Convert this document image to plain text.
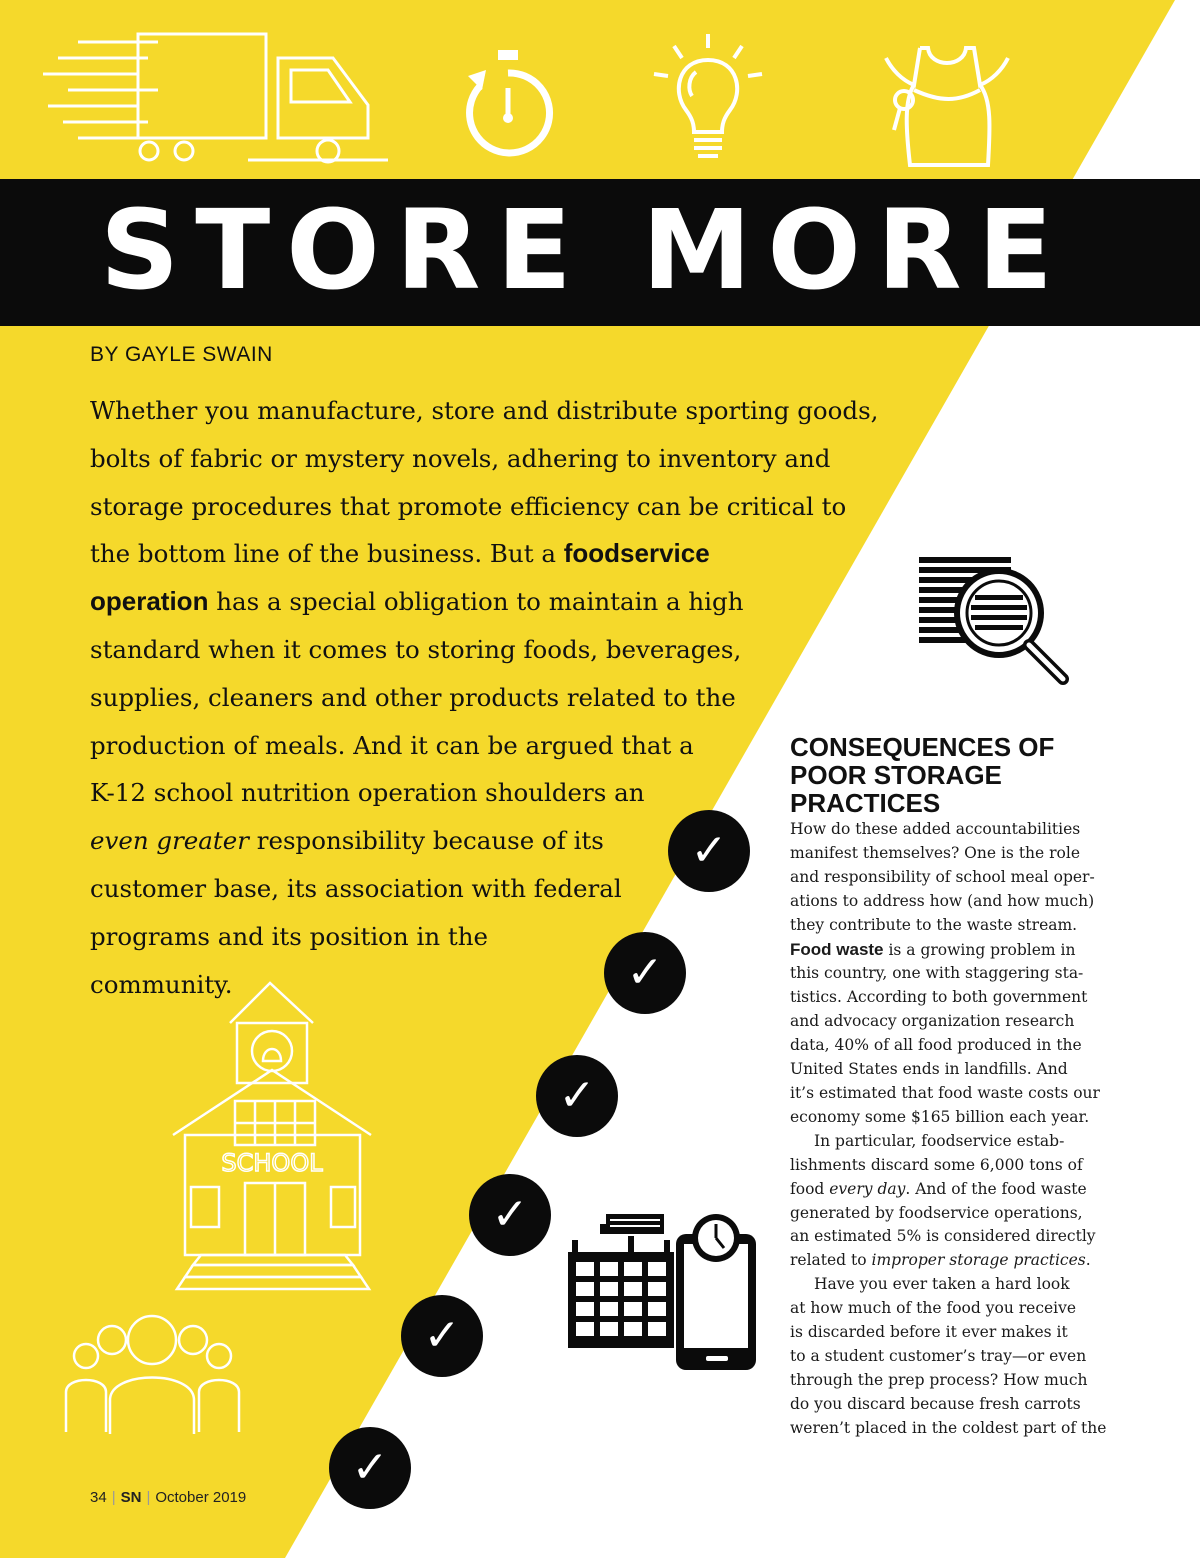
STORE MORE
BY GAYLE SWAIN
Whether you manufacture, store and distribute sporting goods,
bolts of fabric or mystery novels, adhering to inventory and
storage procedures that promote efficiency can be critical to
the bottom line of the business. But a foodservice
operation has a special obligation to maintain a high
standard when it comes to storing foods, beverages,
supplies, cleaners and other products related to the
production of meals. And it can be argued that a
K-12 school nutrition operation shoulders an
even greater responsibility because of its
customer base, its association with federal
programs and its position in the
community.
CONSEQUENCES OF
POOR STORAGE
PRACTICES
How do these added accountabilities
manifest themselves? One is the role
and responsibility of school meal oper-
ations to address how (and how much)
they contribute to the waste stream.
Food waste is a growing problem in
this country, one with staggering sta-
tistics. According to both government
and advocacy organization research
data, 40% of all food produced in the
United States ends in landfills. And
it’s estimated that food waste costs our
economy some $165 billion each year.
In particular, foodservice estab-
lishments discard some 6,000 tons of
food every day. And of the food waste
generated by foodservice operations,
an estimated 5% is considered directly
related to improper storage practices.
Have you ever taken a hard look
at how much of the food you receive
is discarded before it ever makes it
to a student customer’s tray—or even
through the prep process? How much
do you discard because fresh carrots
weren’t placed in the coldest part of the
✓
✓
✓
✓
✓
✓
SCHOOL
34 | SN | October 2019
